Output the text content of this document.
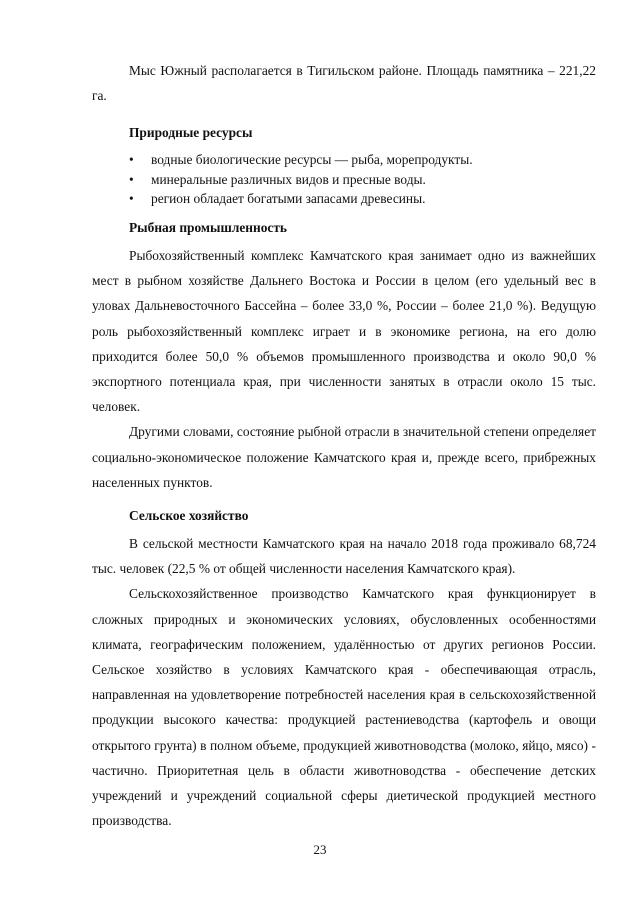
Мыс Южный располагается в Тигильском районе. Площадь памятника – 221,22 га.

Природные ресурсы
• водные биологические ресурсы — рыба, морепродукты.
• минеральные различных видов и пресные воды.
• регион обладает богатыми запасами древесины.
Рыбная промышленность

Рыбохозяйственный комплекс Камчатского края занимает одно из важнейших мест в рыбном хозяйстве Дальнего Востока и России в целом (его удельный вес в уловах Дальневосточного Бассейна – более 33,0 %, России – более 21,0 %). Ведущую роль рыбохозяйственный комплекс играет и в экономике региона, на его долю приходится более 50,0 % объемов промышленного производства и около 90,0 % экспортного потенциала края, при численности занятых в отрасли около 15 тыс. человек.

Другими словами, состояние рыбной отрасли в значительной степени определяет социально-экономическое положение Камчатского края и, прежде всего, прибрежных населенных пунктов.

Сельское хозяйство

В сельской местности Камчатского края на начало 2018 года проживало 68,724 тыс. человек (22,5 % от общей численности населения Камчатского края).

Сельскохозяйственное производство Камчатского края функционирует в сложных природных и экономических условиях, обусловленных особенностями климата, географическим положением, удалённостью от других регионов России. Сельское хозяйство в условиях Камчатского края - обеспечивающая отрасль, направленная на удовлетворение потребностей населения края в сельскохозяйственной продукции высокого качества: продукцией растениеводства (картофель и овощи открытого грунта) в полном объеме, продукцией животноводства (молоко, яйцо, мясо) - частично. Приоритетная цель в области животноводства - обеспечение детских учреждений и учреждений социальной сферы диетической продукцией местного производства.

23
